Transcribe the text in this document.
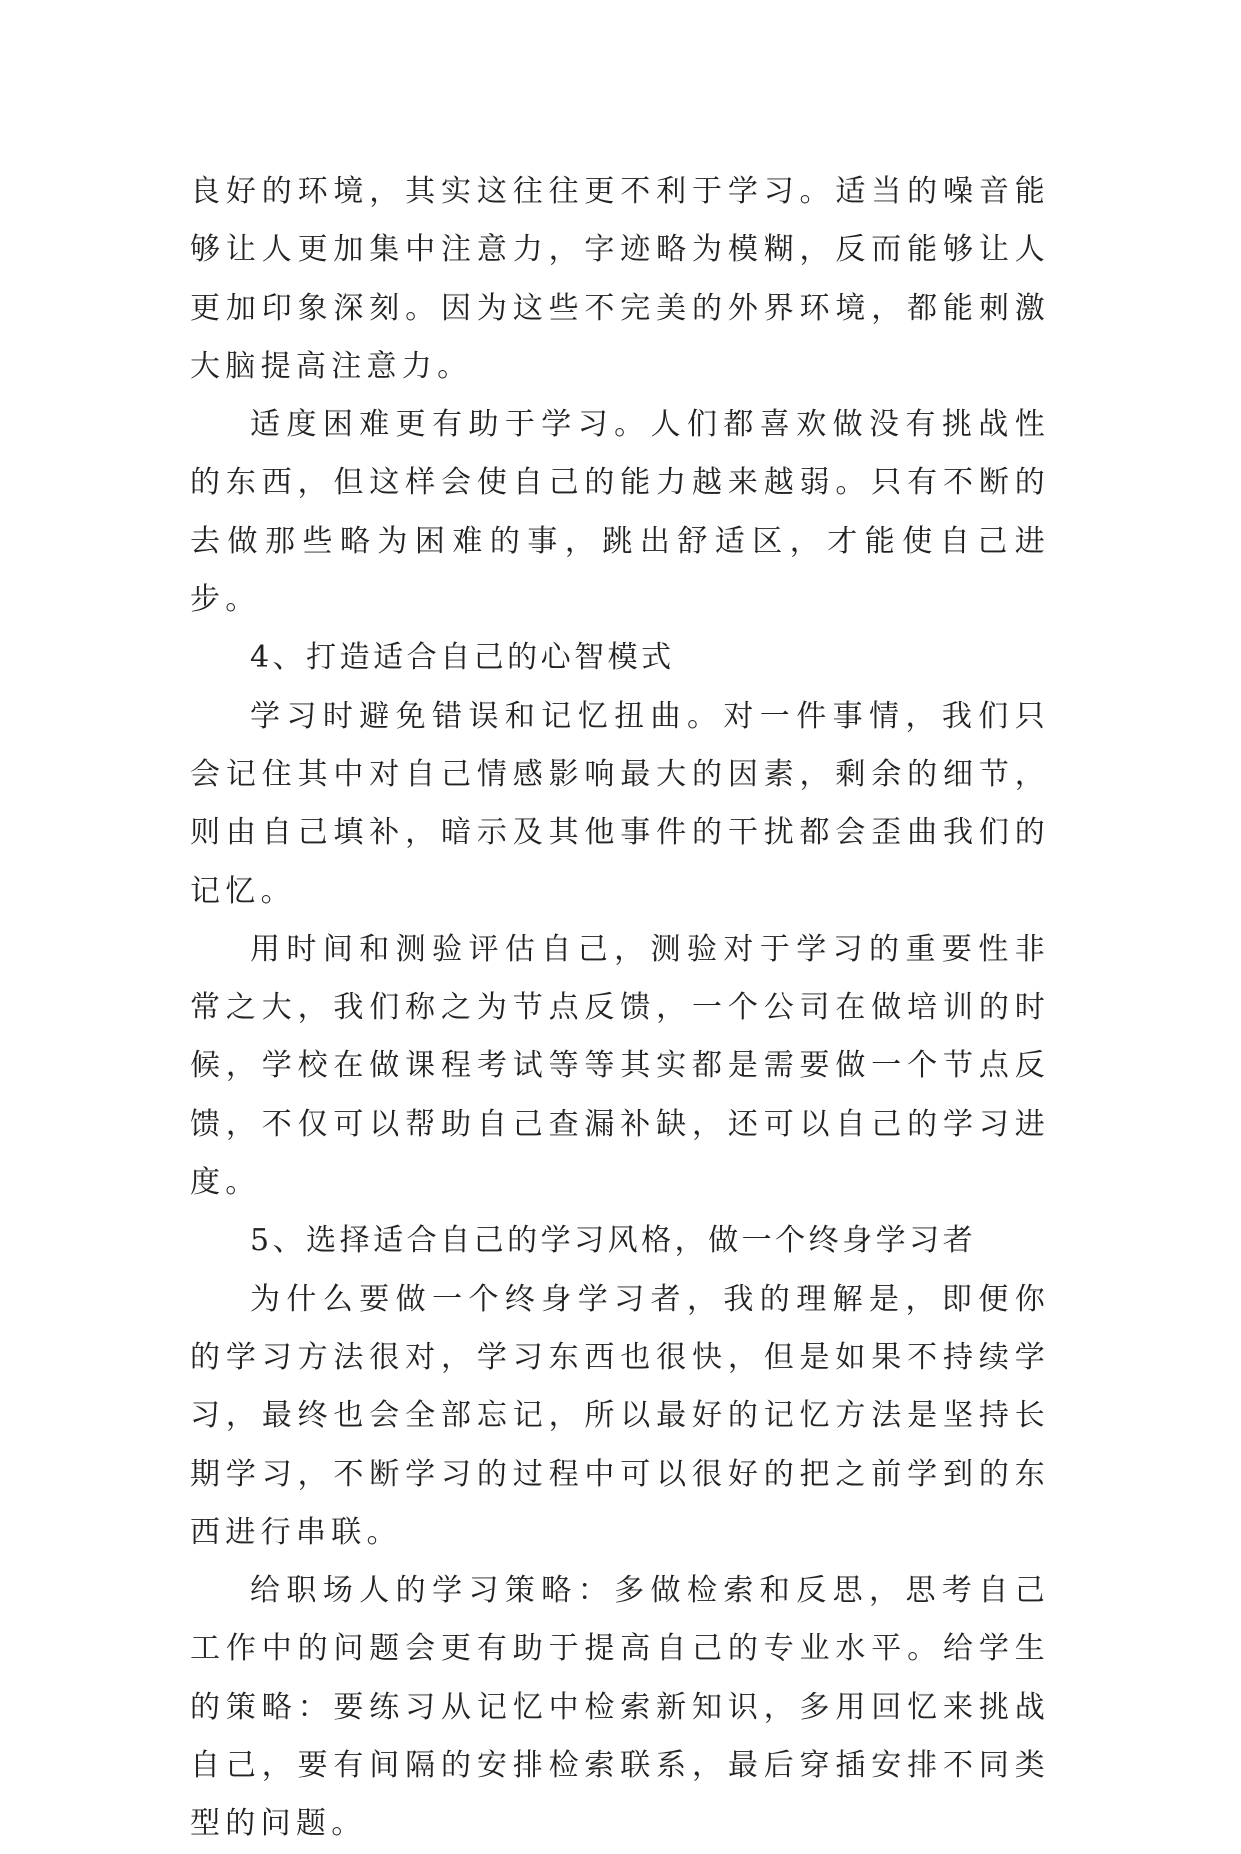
良好的环境，其实这往往更不利于学习。适当的噪音能够让人更加集中注意力，字迹略为模糊，反而能够让人更加印象深刻。因为这些不完美的外界环境，都能刺激大脑提高注意力。

适度困难更有助于学习。人们都喜欢做没有挑战性的东西，但这样会使自己的能力越来越弱。只有不断的去做那些略为困难的事，跳出舒适区，才能使自己进步。

4、打造适合自己的心智模式

学习时避免错误和记忆扭曲。对一件事情，我们只会记住其中对自己情感影响最大的因素，剩余的细节，则由自己填补，暗示及其他事件的干扰都会歪曲我们的记忆。

用时间和测验评估自己，测验对于学习的重要性非常之大，我们称之为节点反馈，一个公司在做培训的时候，学校在做课程考试等等其实都是需要做一个节点反馈，不仅可以帮助自己查漏补缺，还可以自己的学习进度。

5、选择适合自己的学习风格，做一个终身学习者

为什么要做一个终身学习者，我的理解是，即便你的学习方法很对，学习东西也很快，但是如果不持续学习，最终也会全部忘记，所以最好的记忆方法是坚持长期学习，不断学习的过程中可以很好的把之前学到的东西进行串联。

给职场人的学习策略：多做检索和反思，思考自己工作中的问题会更有助于提高自己的专业水平。给学生的策略：要练习从记忆中检索新知识，多用回忆来挑战自己，要有间隔的安排检索联系，最后穿插安排不同类型的问题。
